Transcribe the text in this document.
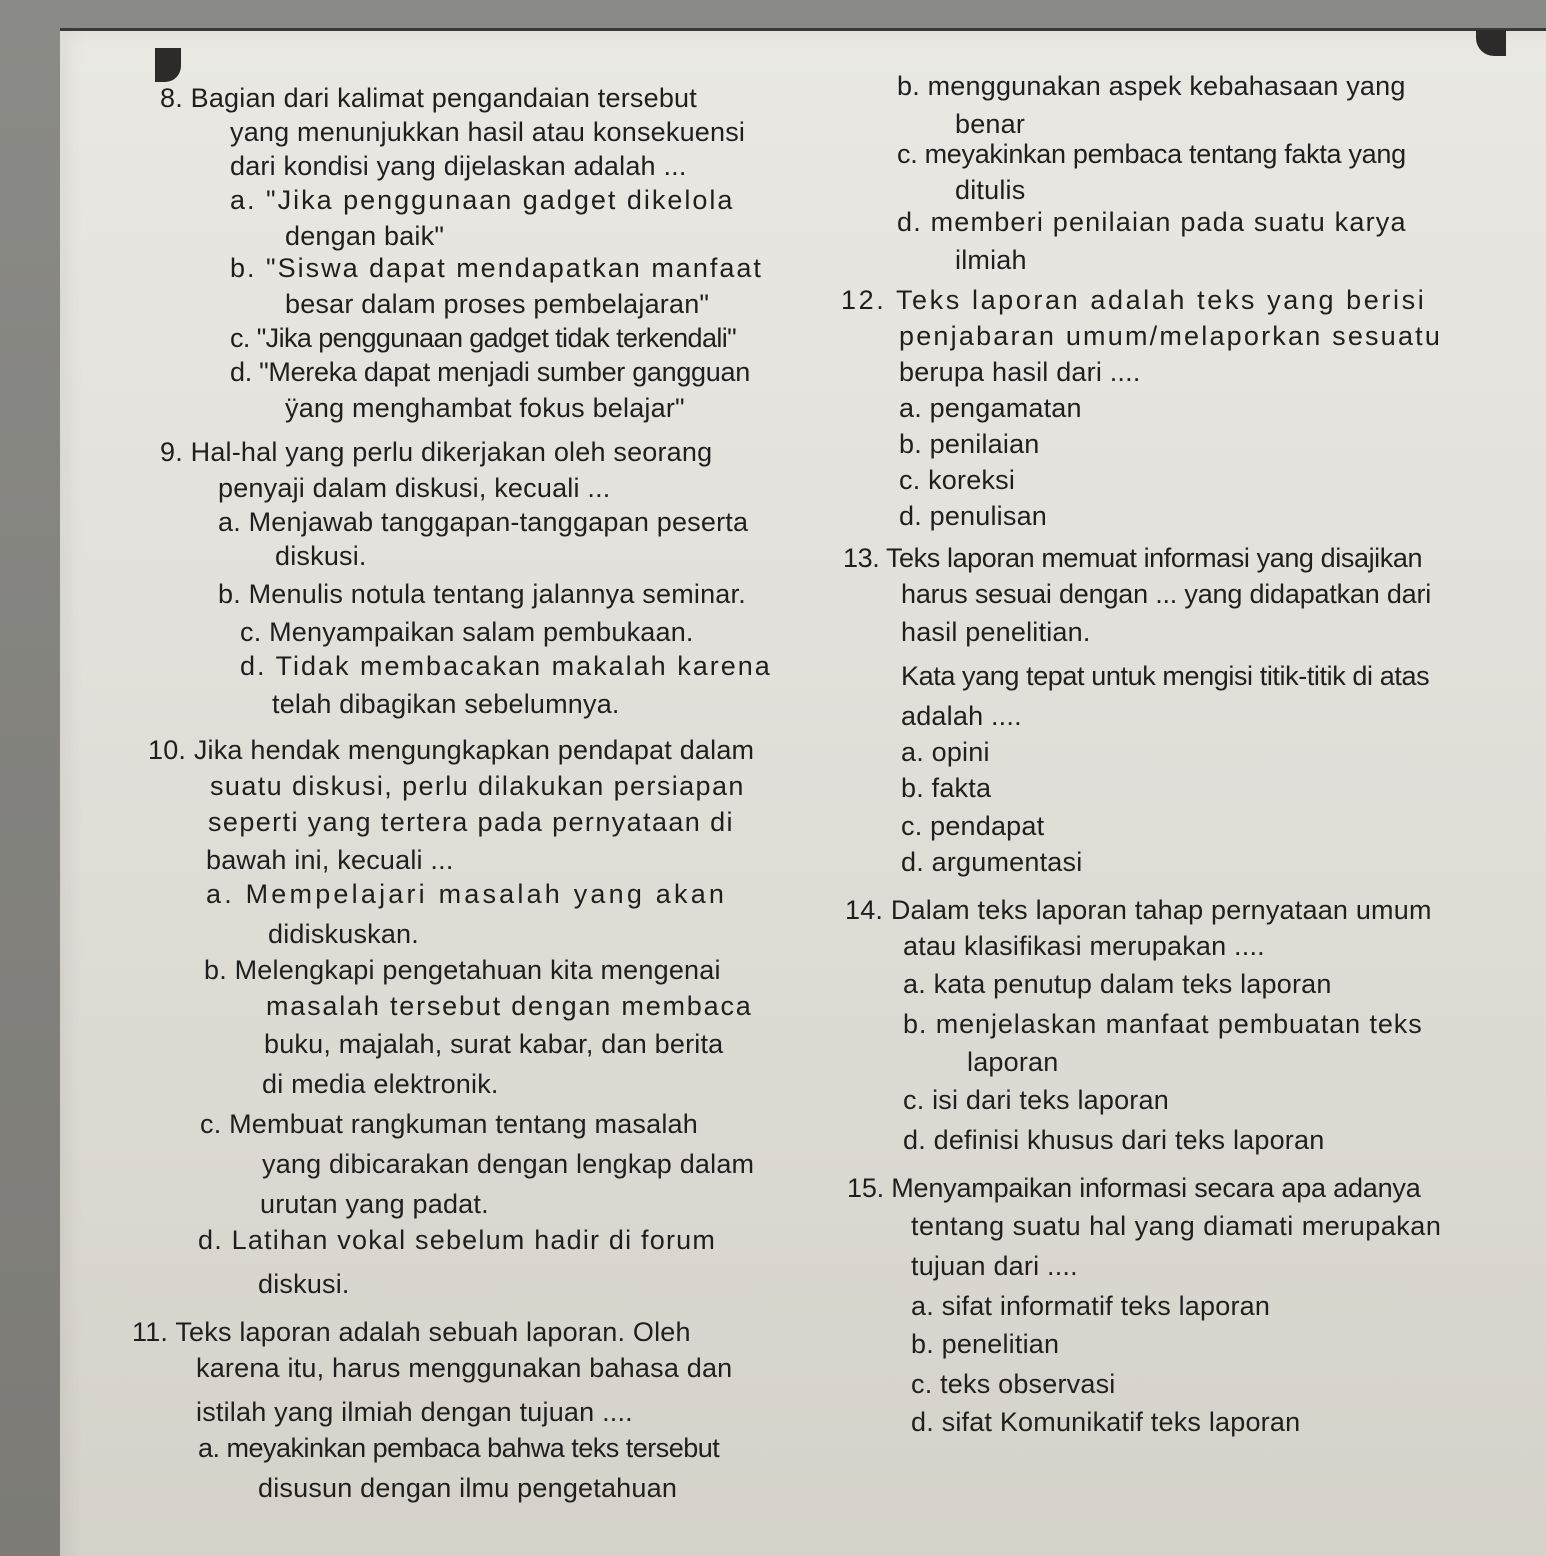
8. Bagian dari kalimat pengandaian tersebut
yang menunjukkan hasil atau konsekuensi
dari kondisi yang dijelaskan adalah ...
a. "Jika penggunaan gadget dikelola
dengan baik"
b. "Siswa dapat mendapatkan manfaat
besar dalam proses pembelajaran"
c. "Jika penggunaan gadget tidak terkendali"
d. "Mereka dapat menjadi sumber gangguan
ÿang menghambat fokus belajar"
9. Hal-hal yang perlu dikerjakan oleh seorang
penyaji dalam diskusi, kecuali ...
a. Menjawab tanggapan-tanggapan peserta
diskusi.
b. Menulis notula tentang jalannya seminar.
c. Menyampaikan salam pembukaan.
d. Tidak membacakan makalah karena
telah dibagikan sebelumnya.
10. Jika hendak mengungkapkan pendapat dalam
suatu diskusi, perlu dilakukan persiapan
seperti yang tertera pada pernyataan di
bawah ini, kecuali ...
a. Mempelajari masalah yang akan
didiskuskan.
b. Melengkapi pengetahuan kita mengenai
masalah tersebut dengan membaca
buku, majalah, surat kabar, dan berita
di media elektronik.
c. Membuat rangkuman tentang masalah
yang dibicarakan dengan lengkap dalam
urutan yang padat.
d. Latihan vokal sebelum hadir di forum
diskusi.
11. Teks laporan adalah sebuah laporan. Oleh
karena itu, harus menggunakan bahasa dan
istilah yang ilmiah dengan tujuan ....
a. meyakinkan pembaca bahwa teks tersebut
disusun dengan ilmu pengetahuan
b. menggunakan aspek kebahasaan yang
benar
c. meyakinkan pembaca tentang fakta yang
ditulis
d. memberi penilaian pada suatu karya
ilmiah
12. Teks laporan adalah teks yang berisi
penjabaran umum/melaporkan sesuatu
berupa hasil dari ....
a. pengamatan
b. penilaian
c. koreksi
d. penulisan
13. Teks laporan memuat informasi yang disajikan
harus sesuai dengan ... yang didapatkan dari
hasil penelitian.
Kata yang tepat untuk mengisi titik-titik di atas
adalah ....
a. opini
b. fakta
c. pendapat
d. argumentasi
14. Dalam teks laporan tahap pernyataan umum
atau klasifikasi merupakan ....
a. kata penutup dalam teks laporan
b. menjelaskan manfaat pembuatan teks
laporan
c. isi dari teks laporan
d. definisi khusus dari teks laporan
15. Menyampaikan informasi secara apa adanya
tentang suatu hal yang diamati merupakan
tujuan dari ....
a. sifat informatif teks laporan
b. penelitian
c. teks observasi
d. sifat Komunikatif teks laporan
